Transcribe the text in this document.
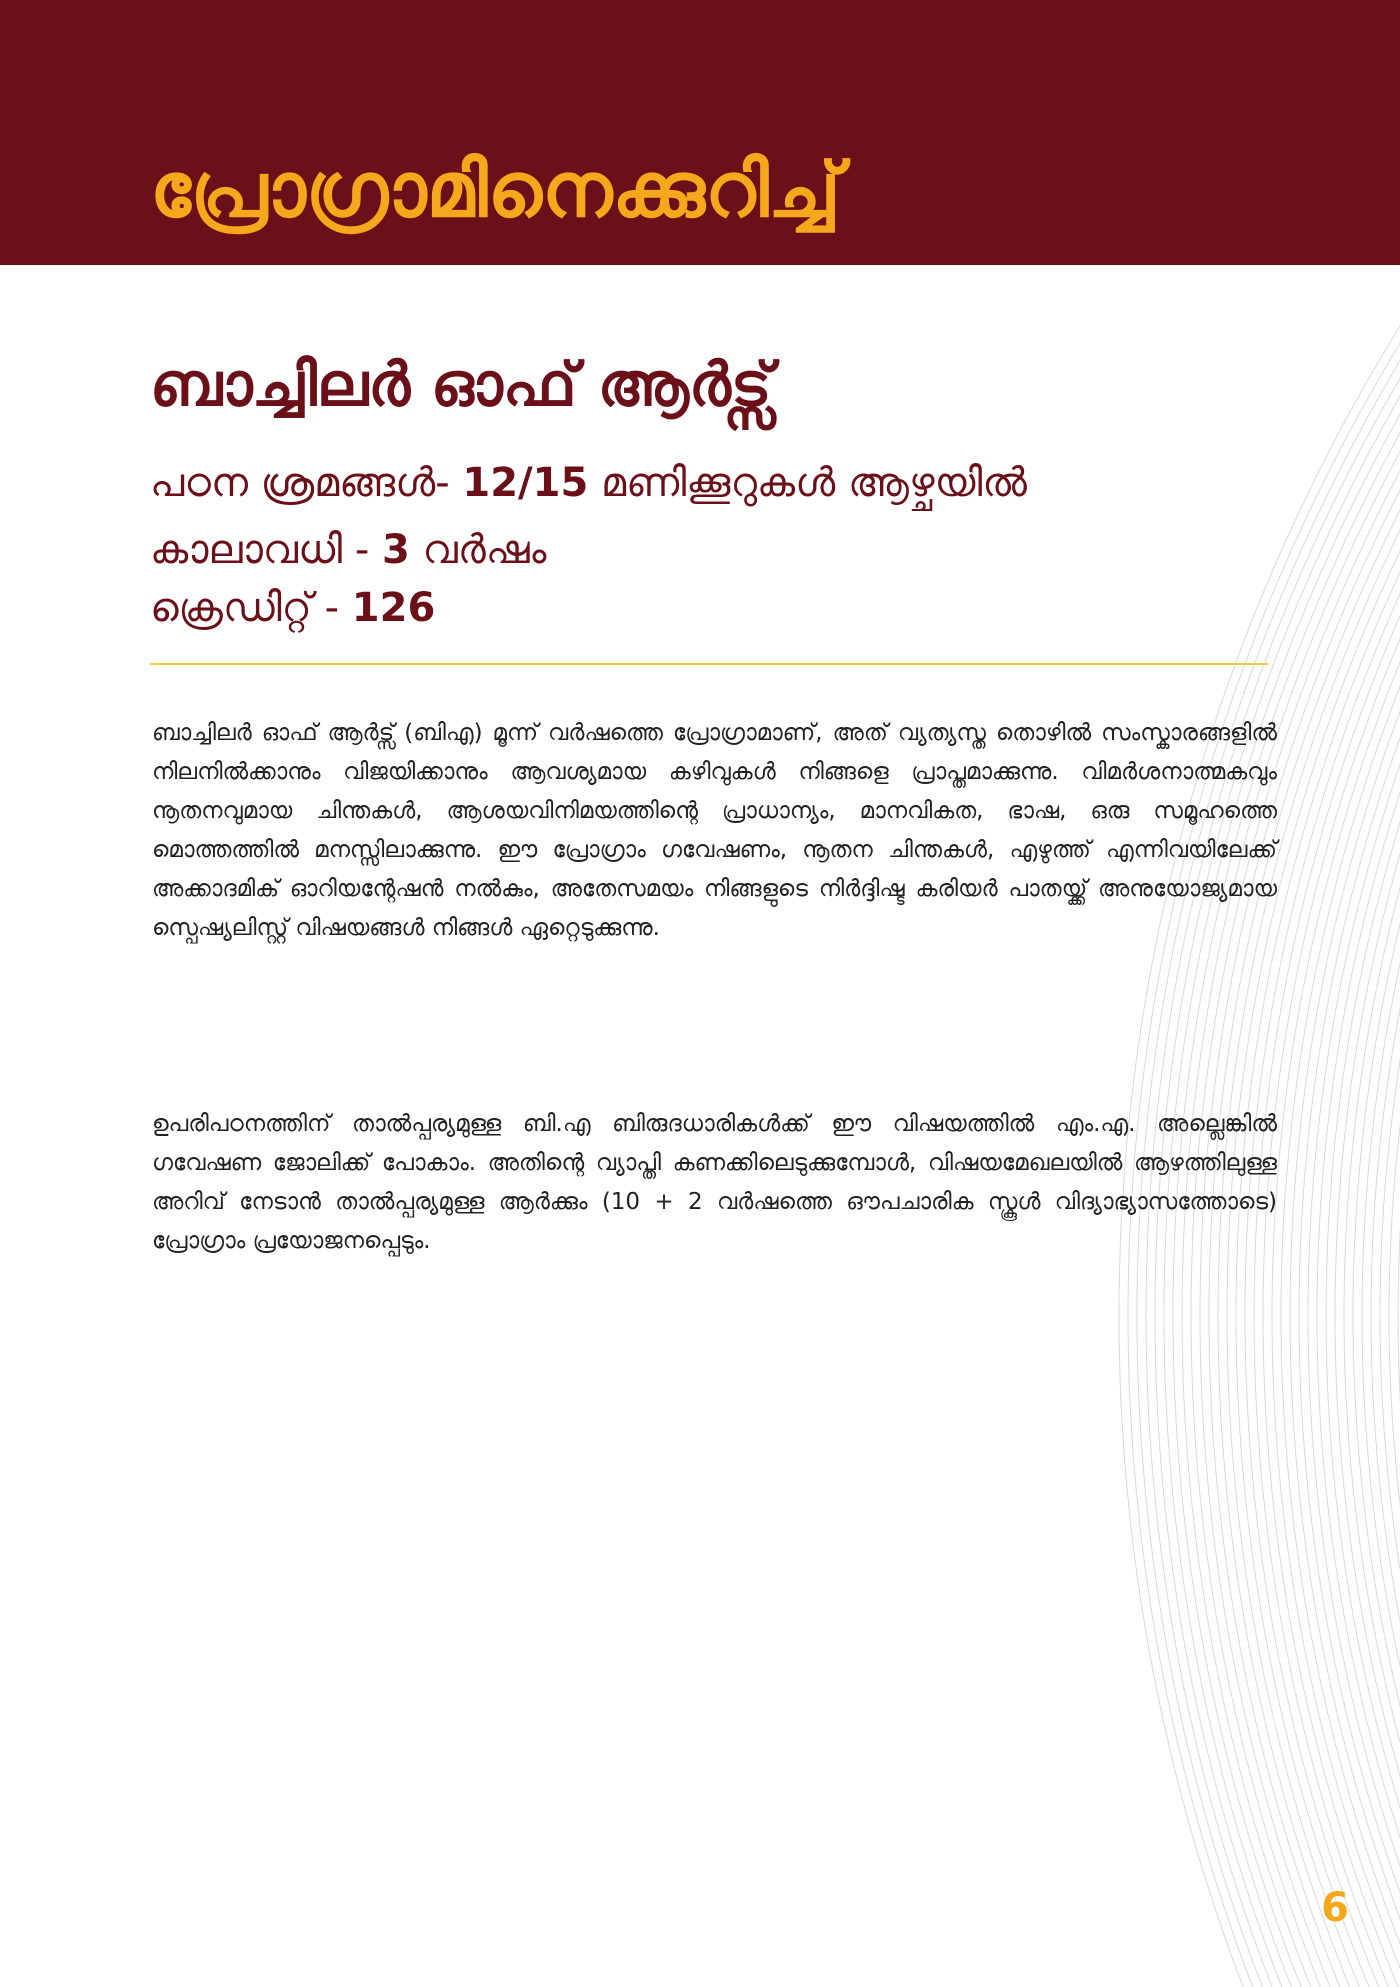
പ്രോഗ്രാമിനെക്കുറിച്ച്
ബാച്ചിലർ ഓഫ് ആർട്സ്
പഠന ശ്രമങ്ങൾ- 12/15 മണിക്കൂറുകൾ ആഴ്ചയിൽ
കാലാവധി - 3 വർഷം
ക്രെഡിറ്റ് - 126

ബാച്ചിലർ ഓഫ് ആർട്സ് (ബിഎ) മൂന്ന് വർഷത്തെ പ്രോഗ്രാമാണ്, അത് വ്യത്യസ്ത തൊഴിൽ സംസ്കാരങ്ങളിൽ നിലനിൽക്കാനും വിജയിക്കാനും ആവശ്യമായ കഴിവുകൾ നിങ്ങളെ പ്രാപ്തമാക്കുന്നു. വിമർശനാത്മകവും നൂതനവുമായ ചിന്തകൾ, ആശയവിനിമയത്തിന്റെ പ്രാധാന്യം, മാനവികത, ഭാഷ, ഒരു സമൂഹത്തെ മൊത്തത്തിൽ മനസ്സിലാക്കുന്നു. ഈ പ്രോഗ്രാം ഗവേഷണം, നൂതന ചിന്തകൾ, എഴുത്ത് എന്നിവയിലേക്ക് അക്കാദമിക് ഓറിയന്റേഷൻ നൽകും, അതേസമയം നിങ്ങളുടെ നിർദ്ദിഷ്ട കരിയർ പാതയ്ക്ക് അനുയോജ്യമായ സ്പെഷ്യലിസ്റ്റ് വിഷയങ്ങൾ നിങ്ങൾ ഏറ്റെടുക്കുന്നു.

ഉപരിപഠനത്തിന് താൽപ്പര്യമുള്ള ബി.എ ബിരുദധാരികൾക്ക് ഈ വിഷയത്തിൽ എം.എ. അല്ലെങ്കിൽ ഗവേഷണ ജോലിക്ക് പോകാം. അതിന്റെ വ്യാപ്തി കണക്കിലെടുക്കുമ്പോൾ, വിഷയമേഖലയിൽ ആഴത്തിലുള്ള അറിവ് നേടാൻ താൽപ്പര്യമുള്ള ആർക്കും (10 + 2 വർഷത്തെ ഔപചാരിക സ്കൂൾ വിദ്യാഭ്യാസത്തോടെ) പ്രോഗ്രാം പ്രയോജനപ്പെടും.

6
